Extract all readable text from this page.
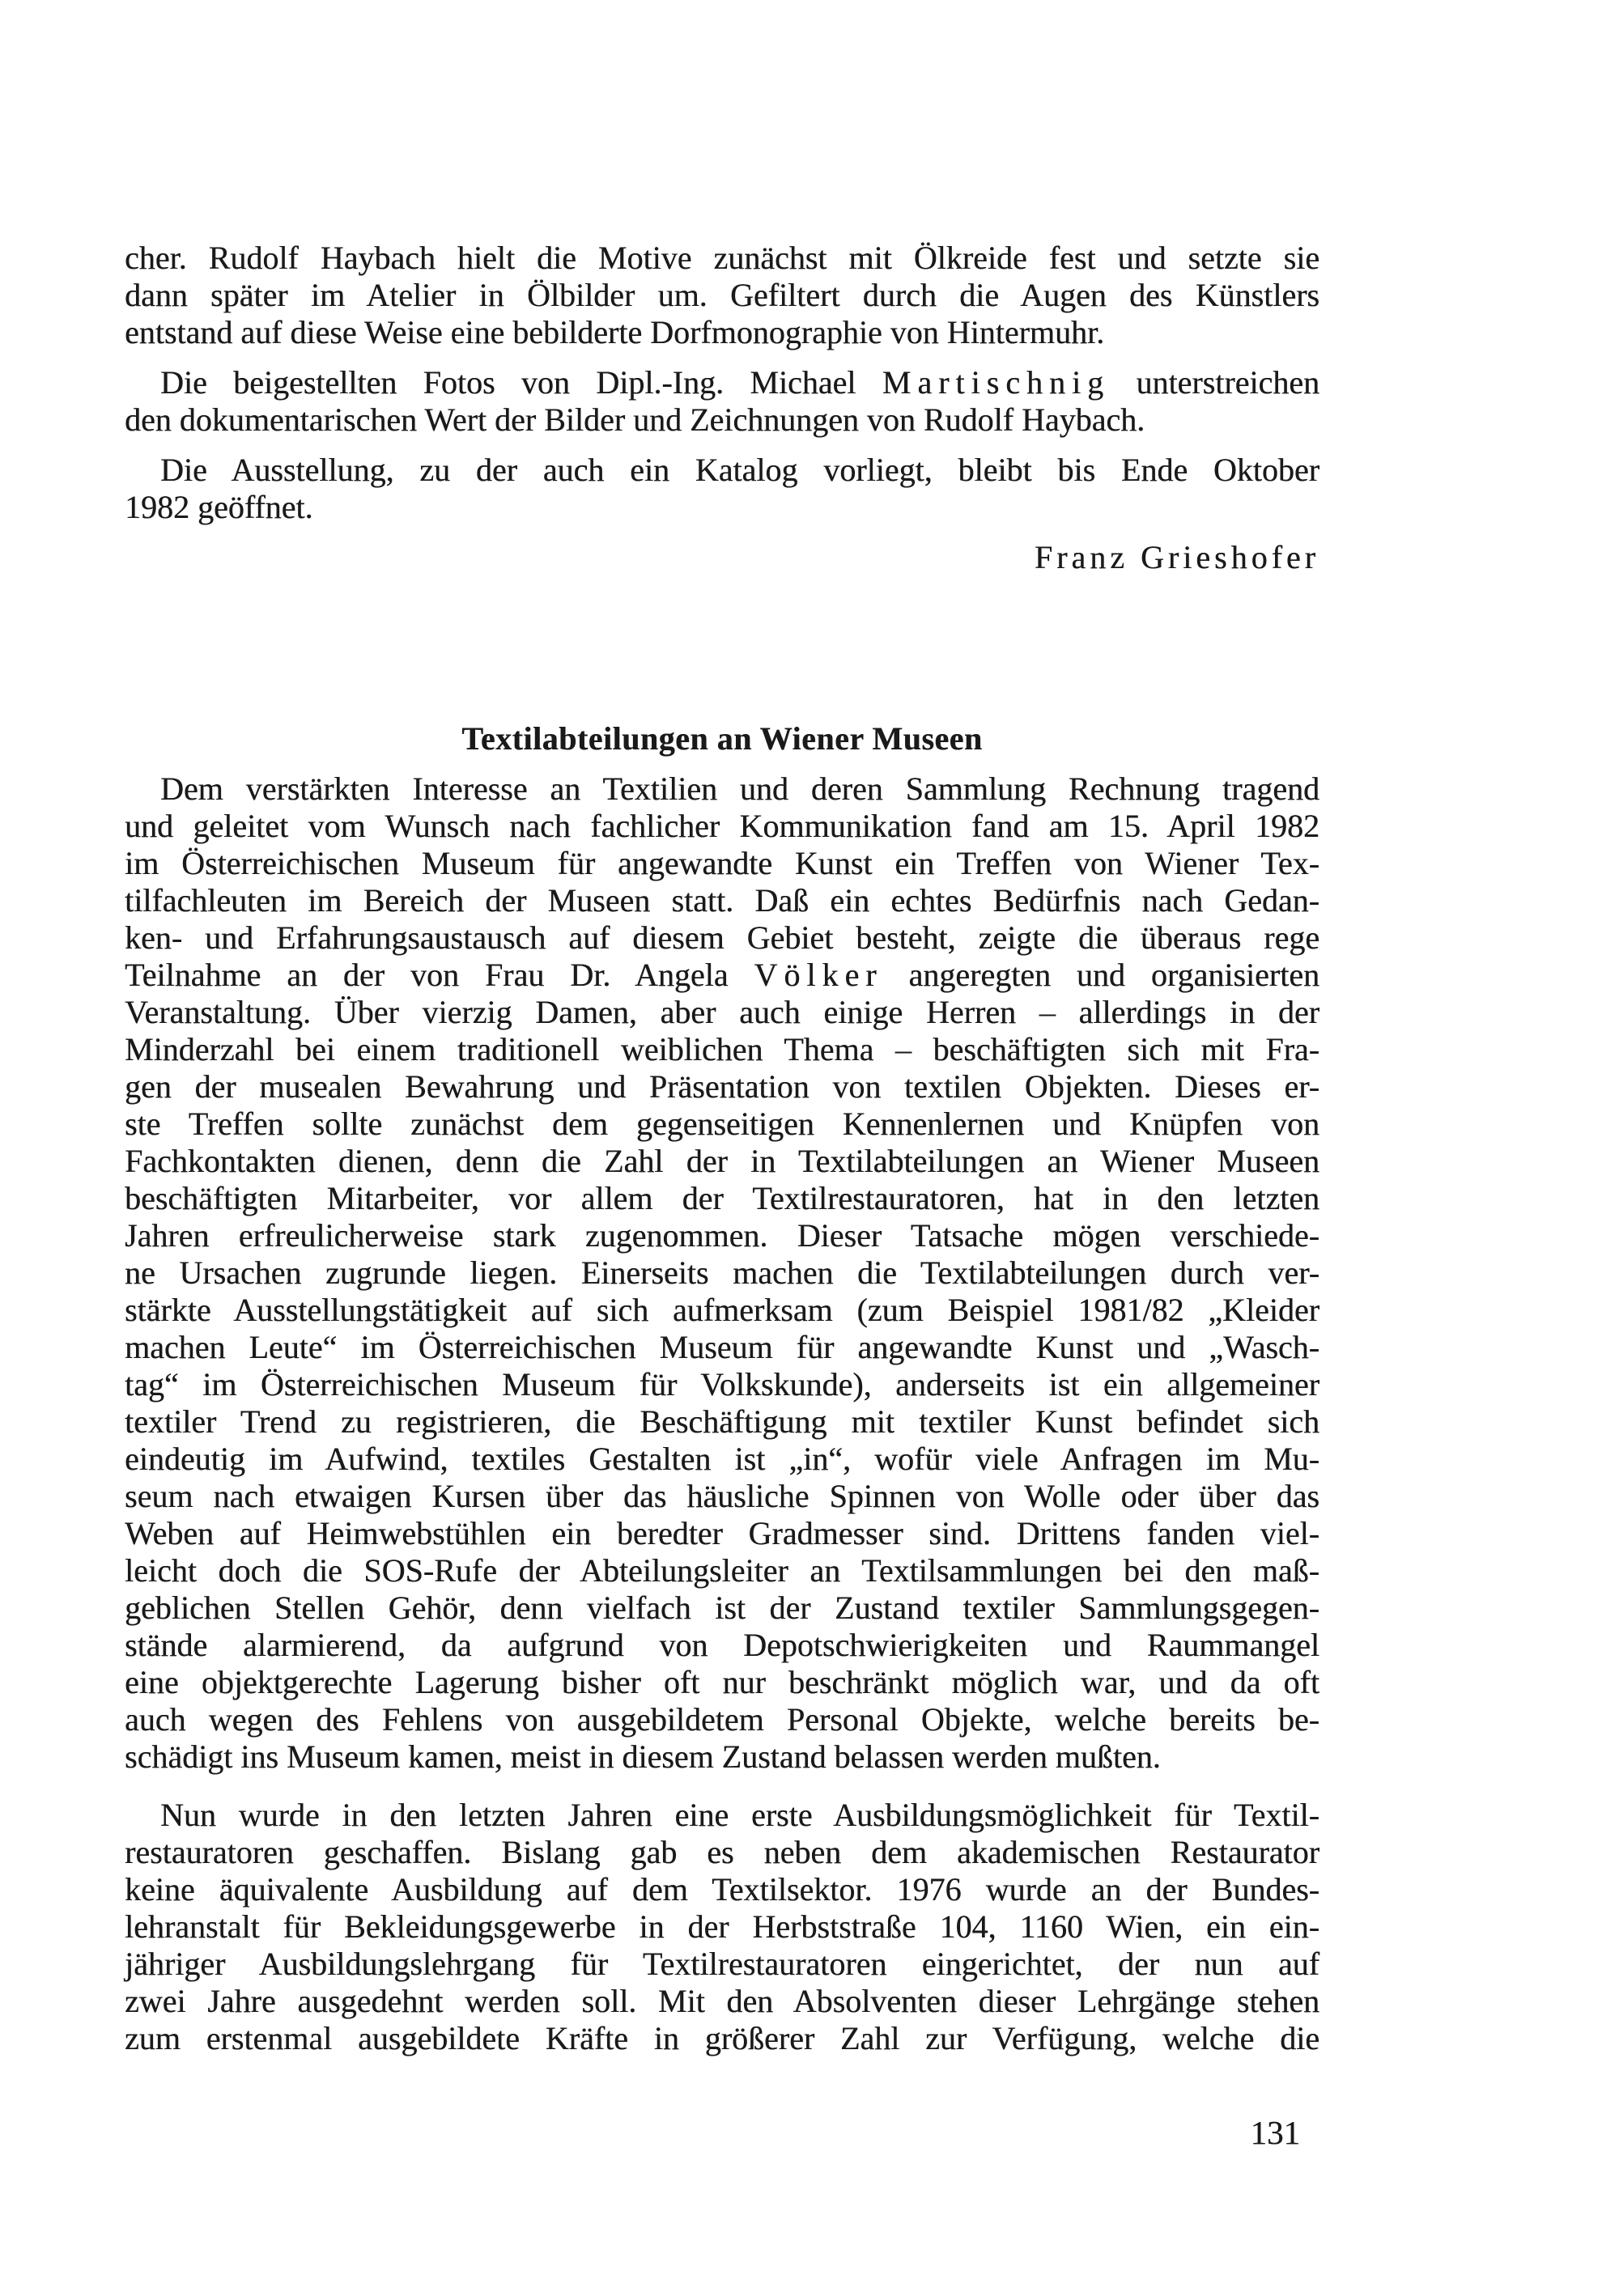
cher. Rudolf Haybach hielt die Motive zunächst mit Ölkreide fest und setzte sie
dann später im Atelier in Ölbilder um. Gefiltert durch die Augen des Künstlers
entstand auf diese Weise eine bebilderte Dorfmonographie von Hintermuhr.
Die beigestellten Fotos von Dipl.-Ing. Michael Martischnig unterstreichen
den dokumentarischen Wert der Bilder und Zeichnungen von Rudolf Haybach.
Die Ausstellung, zu der auch ein Katalog vorliegt, bleibt bis Ende Oktober
1982 geöffnet.
Franz Grieshofer
Textilabteilungen an Wiener Museen
Dem verstärkten Interesse an Textilien und deren Sammlung Rechnung tragend
und geleitet vom Wunsch nach fachlicher Kommunikation fand am 15. April 1982
im Österreichischen Museum für angewandte Kunst ein Treffen von Wiener Tex-
tilfachleuten im Bereich der Museen statt. Daß ein echtes Bedürfnis nach Gedan-
ken- und Erfahrungsaustausch auf diesem Gebiet besteht, zeigte die überaus rege
Teilnahme an der von Frau Dr. Angela Völker angeregten und organisierten
Veranstaltung. Über vierzig Damen, aber auch einige Herren – allerdings in der
Minderzahl bei einem traditionell weiblichen Thema – beschäftigten sich mit Fra-
gen der musealen Bewahrung und Präsentation von textilen Objekten. Dieses er-
ste Treffen sollte zunächst dem gegenseitigen Kennenlernen und Knüpfen von
Fachkontakten dienen, denn die Zahl der in Textilabteilungen an Wiener Museen
beschäftigten Mitarbeiter, vor allem der Textilrestauratoren, hat in den letzten
Jahren erfreulicherweise stark zugenommen. Dieser Tatsache mögen verschiede-
ne Ursachen zugrunde liegen. Einerseits machen die Textilabteilungen durch ver-
stärkte Ausstellungstätigkeit auf sich aufmerksam (zum Beispiel 1981/82 „Kleider
machen Leute“ im Österreichischen Museum für angewandte Kunst und „Wasch-
tag“ im Österreichischen Museum für Volkskunde), anderseits ist ein allgemeiner
textiler Trend zu registrieren, die Beschäftigung mit textiler Kunst befindet sich
eindeutig im Aufwind, textiles Gestalten ist „in“, wofür viele Anfragen im Mu-
seum nach etwaigen Kursen über das häusliche Spinnen von Wolle oder über das
Weben auf Heimwebstühlen ein beredter Gradmesser sind. Drittens fanden viel-
leicht doch die SOS-Rufe der Abteilungsleiter an Textilsammlungen bei den maß-
geblichen Stellen Gehör, denn vielfach ist der Zustand textiler Sammlungsgegen-
stände alarmierend, da aufgrund von Depotschwierigkeiten und Raummangel
eine objektgerechte Lagerung bisher oft nur beschränkt möglich war, und da oft
auch wegen des Fehlens von ausgebildetem Personal Objekte, welche bereits be-
schädigt ins Museum kamen, meist in diesem Zustand belassen werden mußten.
Nun wurde in den letzten Jahren eine erste Ausbildungsmöglichkeit für Textil-
restauratoren geschaffen. Bislang gab es neben dem akademischen Restaurator
keine äquivalente Ausbildung auf dem Textilsektor. 1976 wurde an der Bundes-
lehranstalt für Bekleidungsgewerbe in der Herbststraße 104, 1160 Wien, ein ein-
jähriger Ausbildungslehrgang für Textilrestauratoren eingerichtet, der nun auf
zwei Jahre ausgedehnt werden soll. Mit den Absolventen dieser Lehrgänge stehen
zum erstenmal ausgebildete Kräfte in größerer Zahl zur Verfügung, welche die
131
